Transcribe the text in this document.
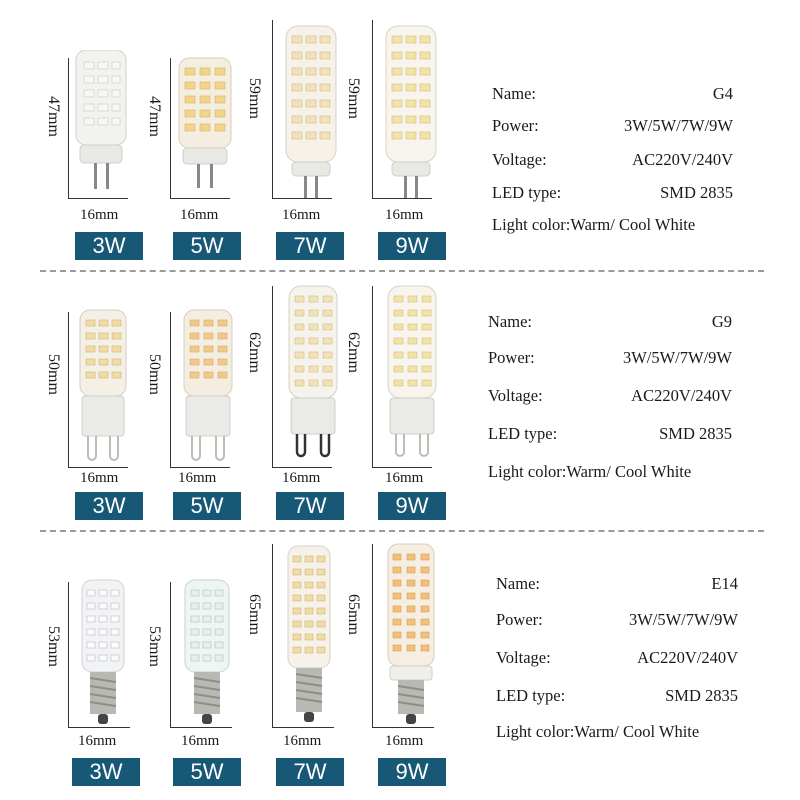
47mm
16mm
3W
47mm
16mm
5W
59mm
16mm
7W
59mm
16mm
9W
Name:	G4
Power:	3W/5W/7W/9W
Voltage:	AC220V/240V
LED type:	SMD 2835
Light color:Warm/ Cool White
50mm
16mm
3W
50mm
16mm
5W
62mm
16mm
7W
62mm
16mm
9W
Name:	G9
Power:	3W/5W/7W/9W
Voltage:	AC220V/240V
LED type:	SMD 2835
Light color:Warm/ Cool White
53mm
16mm
3W
53mm
16mm
5W
65mm
16mm
7W
65mm
16mm
9W
Name:	E14
Power:	3W/5W/7W/9W
Voltage:	AC220V/240V
LED type:	SMD 2835
Light color:Warm/ Cool White
